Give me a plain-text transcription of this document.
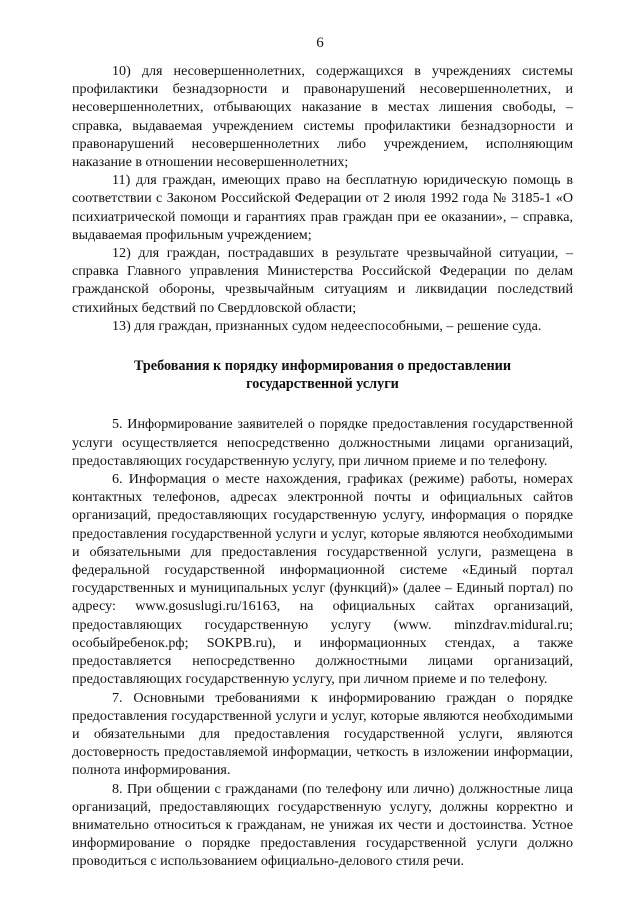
6

10) для несовершеннолетних, содержащихся в учреждениях системы профилактики безнадзорности и правонарушений несовершеннолетних, и несовершеннолетних, отбывающих наказание в местах лишения свободы, – справка, выдаваемая учреждением системы профилактики безнадзорности и правонарушений несовершеннолетних либо учреждением, исполняющим наказание в отношении несовершеннолетних;

11) для граждан, имеющих право на бесплатную юридическую помощь в соответствии с Законом Российской Федерации от 2 июля 1992 года № 3185-1 «О психиатрической помощи и гарантиях прав граждан при ее оказании», – справка, выдаваемая профильным учреждением;

12) для граждан, пострадавших в результате чрезвычайной ситуации, – справка Главного управления Министерства Российской Федерации по делам гражданской обороны, чрезвычайным ситуациям и ликвидации последствий стихийных бедствий по Свердловской области;

13) для граждан, признанных судом недееспособными, – решение суда.

Требования к порядку информирования о предоставлении государственной услуги

5. Информирование заявителей о порядке предоставления государственной услуги осуществляется непосредственно должностными лицами организаций, предоставляющих государственную услугу, при личном приеме и по телефону.

6. Информация о месте нахождения, графиках (режиме) работы, номерах контактных телефонов, адресах электронной почты и официальных сайтов организаций, предоставляющих государственную услугу, информация о порядке предоставления государственной услуги и услуг, которые являются необходимыми и обязательными для предоставления государственной услуги, размещена в федеральной государственной информационной системе «Единый портал государственных и муниципальных услуг (функций)» (далее – Единый портал) по адресу: www.gosuslugi.ru/16163, на официальных сайтах организаций, предоставляющих государственную услугу (www. minzdrav.midural.ru; особыйребенок.рф; SOKPB.ru), и информационных стендах, а также предоставляется непосредственно должностными лицами организаций, предоставляющих государственную услугу, при личном приеме и по телефону.

7. Основными требованиями к информированию граждан о порядке предоставления государственной услуги и услуг, которые являются необходимыми и обязательными для предоставления государственной услуги, являются достоверность предоставляемой информации, четкость в изложении информации, полнота информирования.

8. При общении с гражданами (по телефону или лично) должностные лица организаций, предоставляющих государственную услугу, должны корректно и внимательно относиться к гражданам, не унижая их чести и достоинства. Устное информирование о порядке предоставления государственной услуги должно проводиться с использованием официально-делового стиля речи.
